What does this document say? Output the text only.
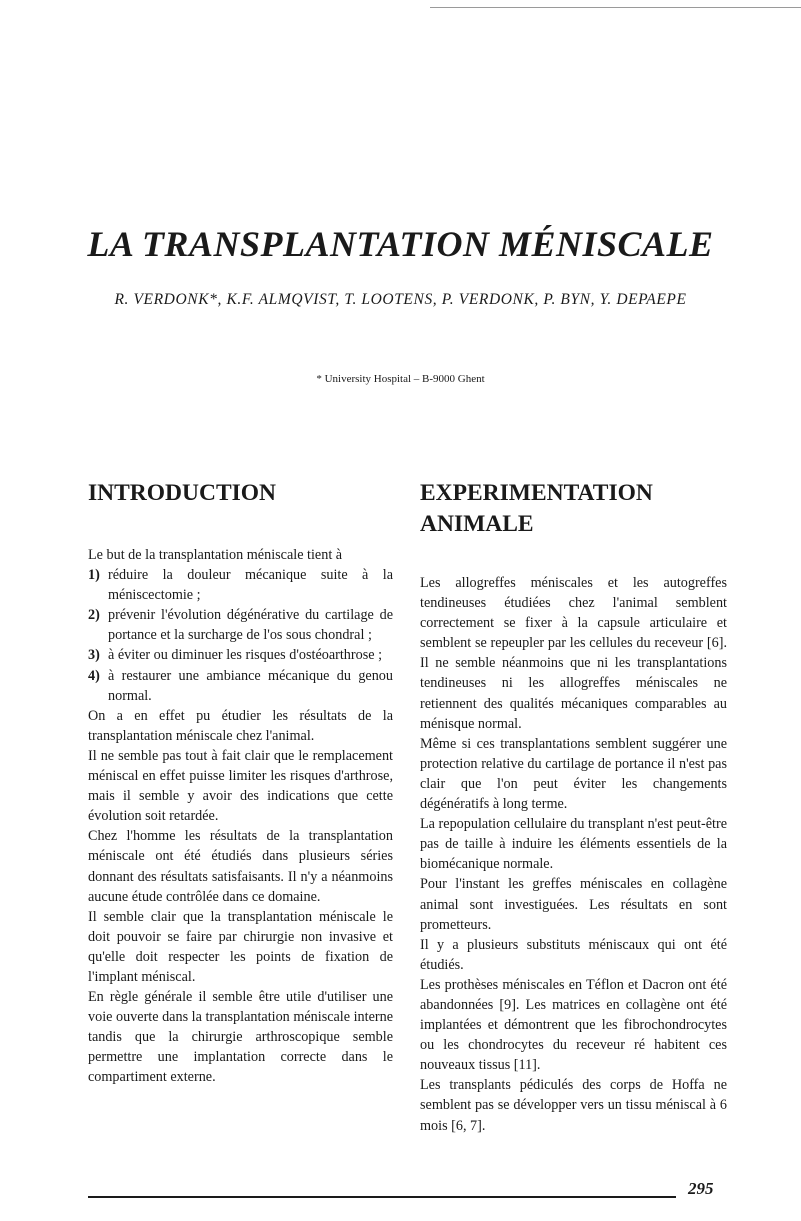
LA TRANSPLANTATION MÉNISCALE
R. VERDONK*, K.F. ALMQVIST, T. LOOTENS, P. VERDONK, P. BYN, Y. DEPAEPE
* University Hospital – B-9000 Ghent
INTRODUCTION	EXPERIMENTATION ANIMALE

Le but de la transplantation méniscale tient à

1) réduire la douleur mécanique suite à la méniscectomie ;
2) prévenir l'évolution dégénérative du cartilage de portance et la surcharge de l'os sous chondral ;
3) à éviter ou diminuer les risques d'ostéoarthrose ;
4) à restaurer une ambiance mécanique du genou normal.

On a en effet pu étudier les résultats de la transplantation méniscale chez l'animal.

Il ne semble pas tout à fait clair que le remplacement méniscal en effet puisse limiter les risques d'arthrose, mais il semble y avoir des indications que cette évolution soit retardée.

Chez l'homme les résultats de la transplantation méniscale ont été étudiés dans plusieurs séries donnant des résultats satisfaisants. Il n'y a néanmoins aucune étude contrôlée dans ce domaine.

Il semble clair que la transplantation méniscale le doit pouvoir se faire par chirurgie non invasive et qu'elle doit respecter les points de fixation de l'implant méniscal.

En règle générale il semble être utile d'utiliser une voie ouverte dans la transplantation méniscale interne tandis que la chirurgie arthroscopique semble permettre une implantation correcte dans le compartiment externe.

Les allogreffes méniscales et les autogreffes tendineuses étudiées chez l'animal semblent correctement se fixer à la capsule articulaire et semblent se repeupler par les cellules du receveur [6]. Il ne semble néanmoins que ni les transplantations tendineuses ni les allogreffes méniscales ne retiennent des qualités mécaniques comparables au ménisque normal.

Même si ces transplantations semblent suggérer une protection relative du cartilage de portance il n'est pas clair que l'on peut éviter les changements dégénératifs à long terme.

La repopulation cellulaire du transplant n'est peut-être pas de taille à induire les éléments essentiels de la biomécanique normale.

Pour l'instant les greffes méniscales en collagène animal sont investiguées. Les résultats en sont prometteurs.

Il y a plusieurs substituts méniscaux qui ont été étudiés.

Les prothèses méniscales en Téflon et Dacron ont été abandonnées [9]. Les matrices en collagène ont été implantées et démontrent que les fibrochondrocytes ou les chondrocytes du receveur ré habitent ces nouveaux tissus [11].

Les transplants pédiculés des corps de Hoffa ne semblent pas se développer vers un tissu méniscal à 6 mois [6, 7].

295
